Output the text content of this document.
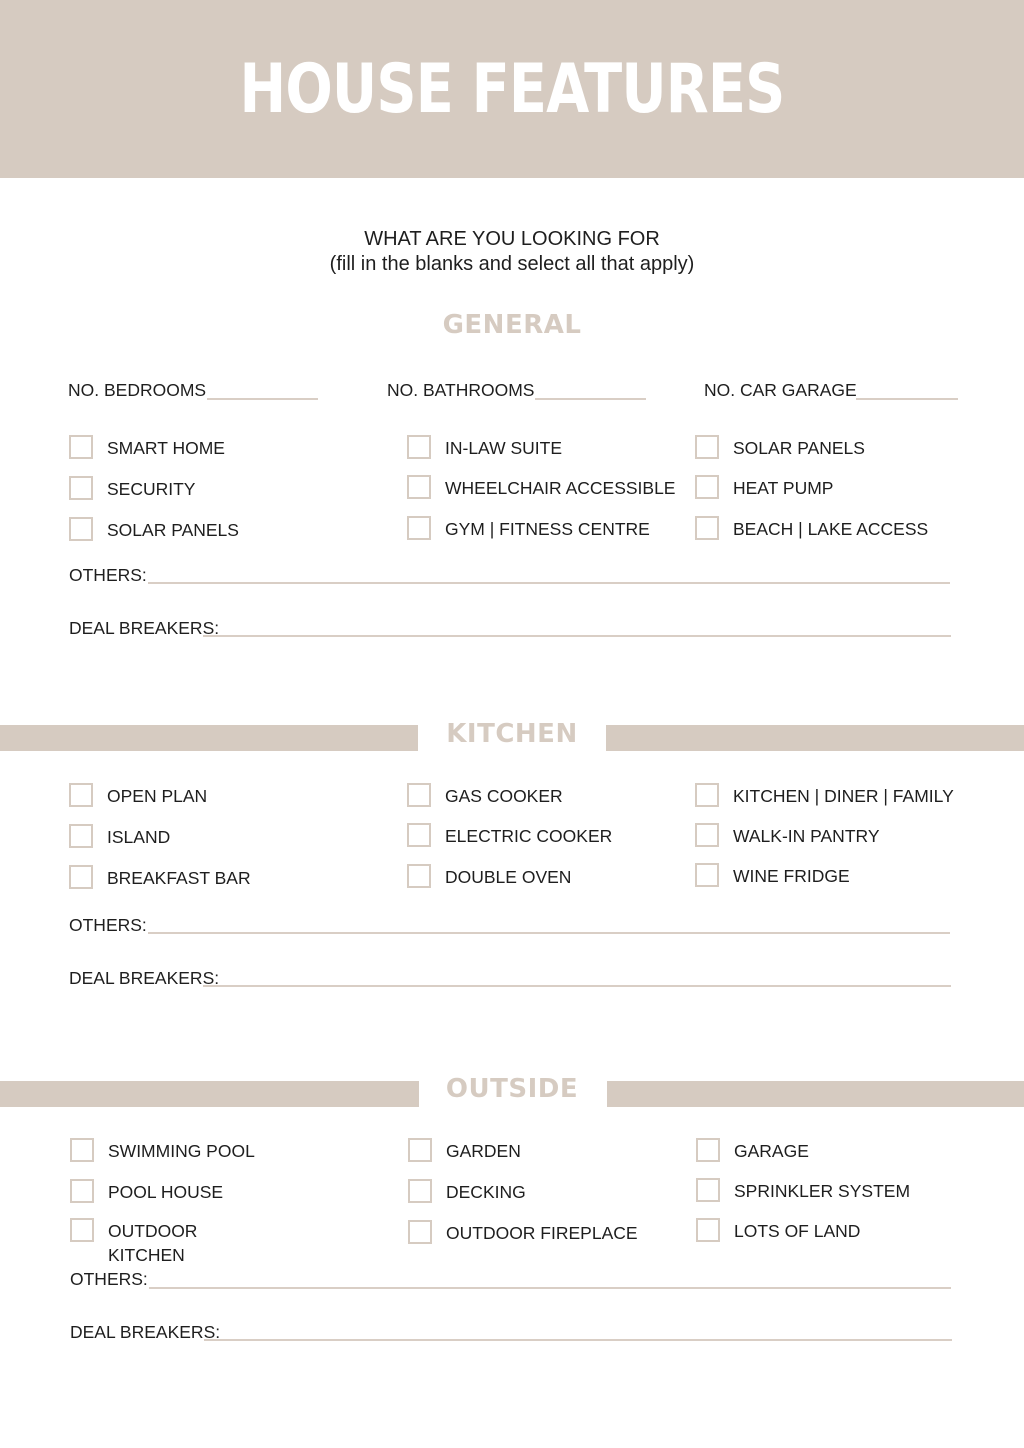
HOUSE FEATURES
WHAT ARE YOU LOOKING FOR
(fill in the blanks and select all that apply)
GENERAL
NO. BEDROOMS	NO. BATHROOMS	NO. CAR GARAGE
SMART HOME
SECURITY
SOLAR PANELS
IN-LAW SUITE
WHEELCHAIR ACCESSIBLE
GYM | FITNESS CENTRE
SOLAR PANELS
HEAT PUMP
BEACH | LAKE ACCESS
OTHERS:
DEAL BREAKERS:
KITCHEN
OPEN PLAN
ISLAND
BREAKFAST BAR
GAS COOKER
ELECTRIC COOKER
DOUBLE OVEN
KITCHEN | DINER | FAMILY
WALK-IN PANTRY
WINE FRIDGE
OTHERS:
DEAL BREAKERS:
OUTSIDE
SWIMMING POOL
POOL HOUSE
OUTDOOR
KITCHEN
GARDEN
DECKING
OUTDOOR FIREPLACE
GARAGE
SPRINKLER SYSTEM
LOTS OF LAND
OTHERS:
DEAL BREAKERS:
